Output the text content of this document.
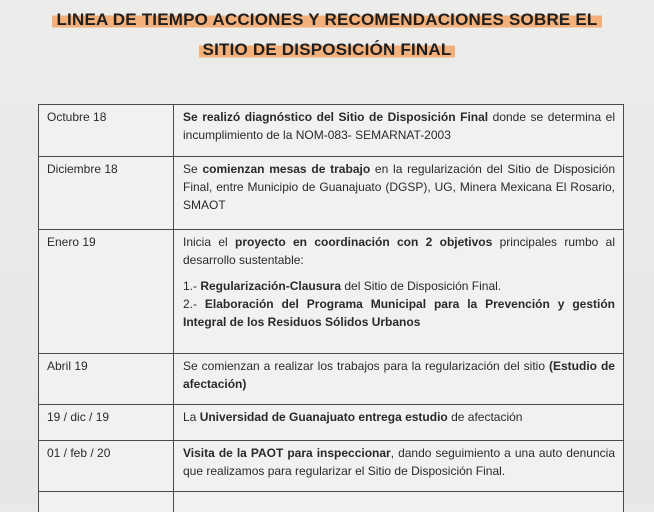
LINEA DE TIEMPO ACCIONES Y RECOMENDACIONES SOBRE EL
SITIO DE DISPOSICIÓN FINAL
Octubre 18	Se realizó diagnóstico del Sitio de Disposición Final donde se determina el incumplimiento de la NOM-083- SEMARNAT-2003
Diciembre 18	Se comienzan mesas de trabajo en la regularización del Sitio de Disposición Final, entre Municipio de Guanajuato (DGSP), UG, Minera Mexicana El Rosario, SMAOT
Enero 19	Inicia el proyecto en coordinación con 2 objetivos principales rumbo al desarrollo sustentable:
1.- Regularización-Clausura del Sitio de Disposición Final.
2.- Elaboración del Programa Municipal para la Prevención y gestión Integral de los Residuos Sólidos Urbanos
Abril 19	Se comienzan a realizar los trabajos para la regularización del sitio (Estudio de afectación)
19 / dic / 19	La Universidad de Guanajuato entrega estudio de afectación
01 / feb / 20	Visita de la PAOT para inspeccionar, dando seguimiento a una auto denuncia que realizamos para regularizar el Sitio de Disposición Final.
